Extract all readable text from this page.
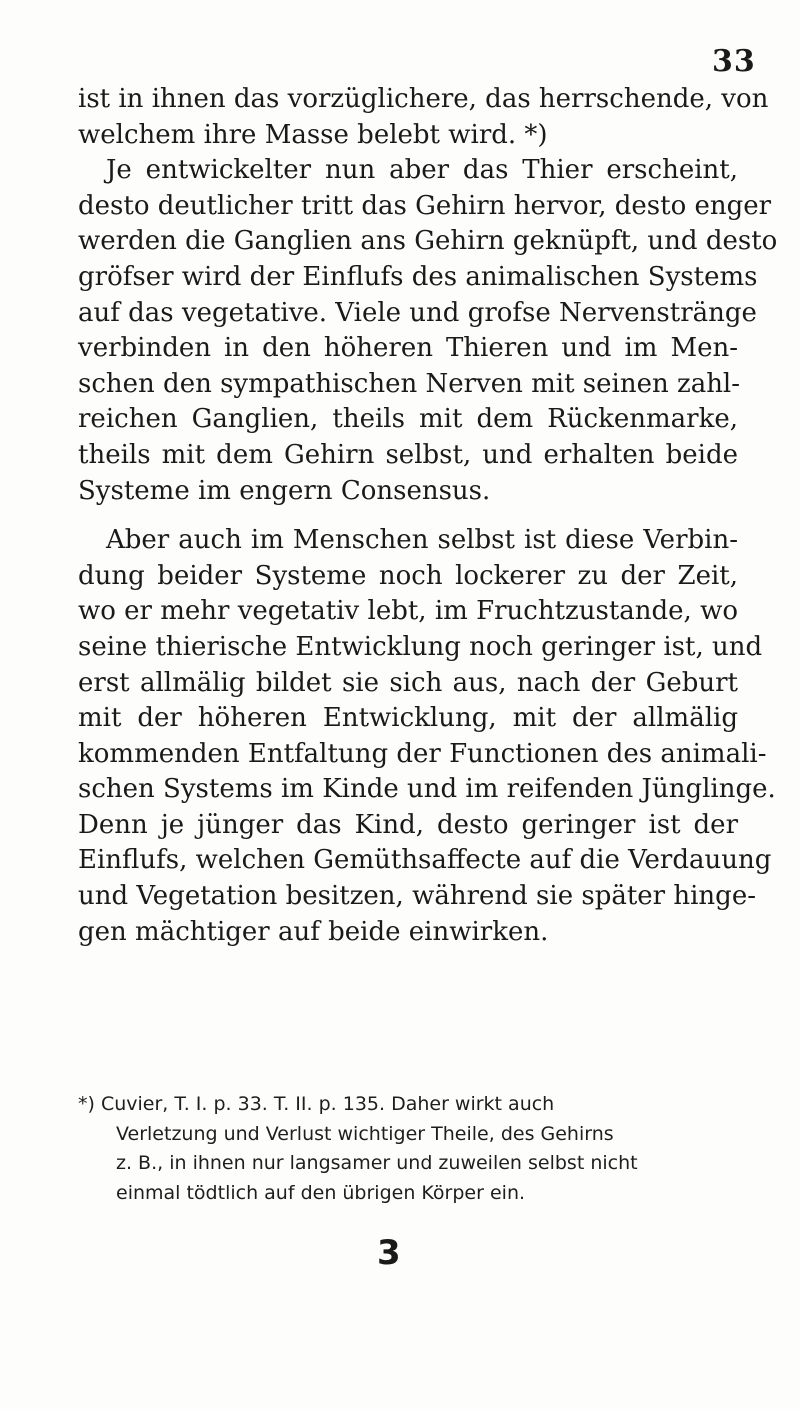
33
ist in ihnen das vorzüglichere, das herrschende, von
welchem ihre Masse belebt wird. *)
Je entwickelter nun aber das Thier erscheint,
desto deutlicher tritt das Gehirn hervor, desto enger
werden die Ganglien ans Gehirn geknüpft, und desto
gröfser wird der Einflufs des animalischen Systems
auf das vegetative. Viele und grofse Nervenstränge
verbinden in den höheren Thieren und im Men-
schen den sympathischen Nerven mit seinen zahl-
reichen Ganglien, theils mit dem Rückenmarke,
theils mit dem Gehirn selbst, und erhalten beide
Systeme im engern Consensus.
Aber auch im Menschen selbst ist diese Verbin-
dung beider Systeme noch lockerer zu der Zeit,
wo er mehr vegetativ lebt, im Fruchtzustande, wo
seine thierische Entwicklung noch geringer ist, und
erst allmälig bildet sie sich aus, nach der Geburt
mit der höheren Entwicklung, mit der allmälig
kommenden Entfaltung der Functionen des animali-
schen Systems im Kinde und im reifenden Jünglinge.
Denn je jünger das Kind, desto geringer ist der
Einflufs, welchen Gemüthsaffecte auf die Verdauung
und Vegetation besitzen, während sie später hinge-
gen mächtiger auf beide einwirken.
*) Cuvier, T. I. p. 33. T. II. p. 135. Daher wirkt auch
Verletzung und Verlust wichtiger Theile, des Gehirns
z. B., in ihnen nur langsamer und zuweilen selbst nicht
einmal tödtlich auf den übrigen Körper ein.
3
